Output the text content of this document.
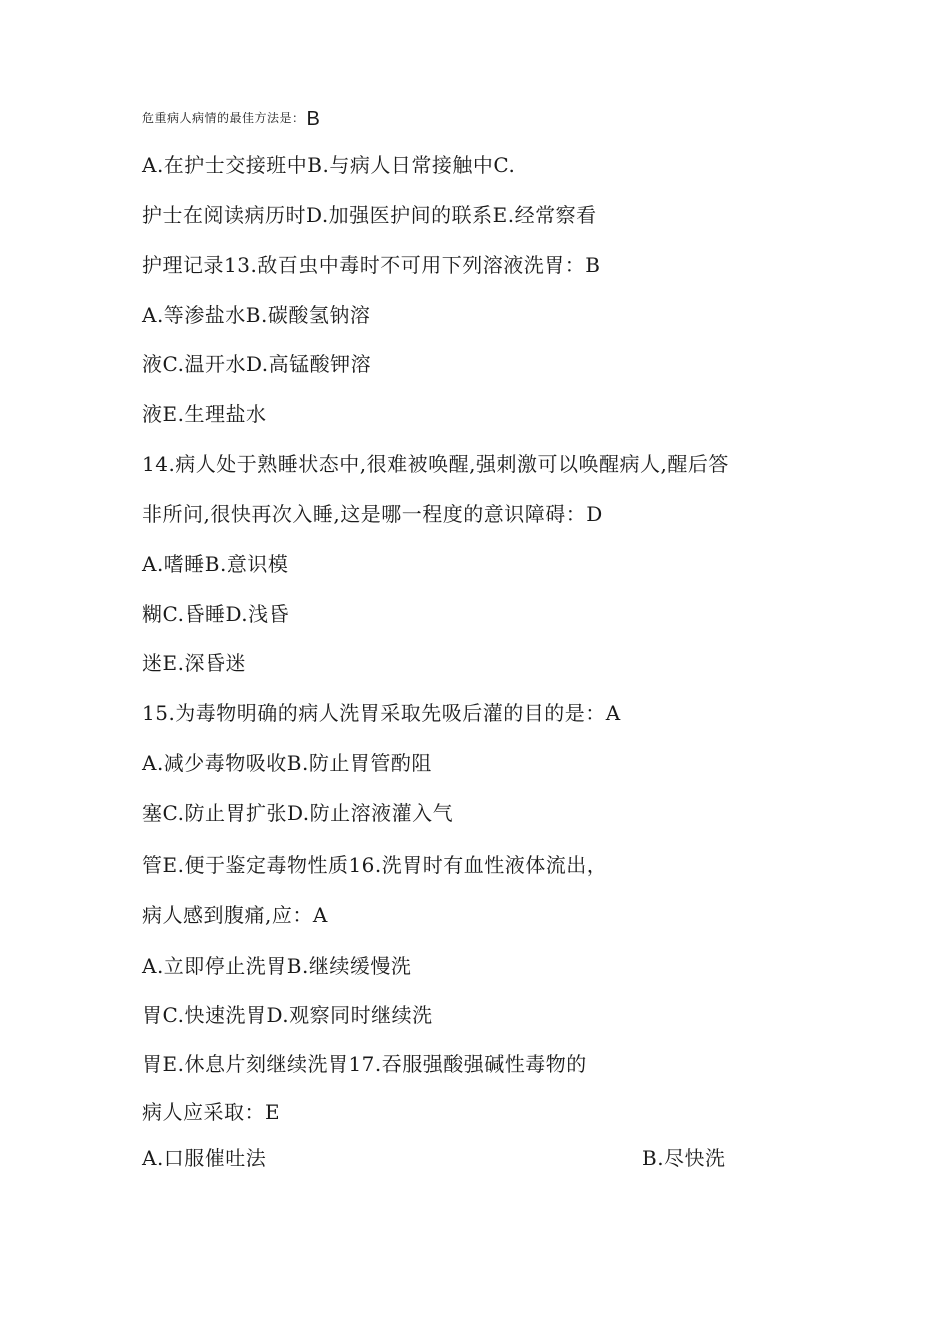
危重病人病情的最佳方法是： B
A.在护士交接班中B.与病人日常接触中C.
护士在阅读病历时D.加强医护间的联系E.经常察看
护理记录13.敌百虫中毒时不可用下列溶液洗胃：B
A.等渗盐水B.碳酸氢钠溶
液C.温开水D.高锰酸钾溶
液E.生理盐水
14.病人处于熟睡状态中,很难被唤醒,强刺激可以唤醒病人,醒后答
非所问,很快再次入睡,这是哪一程度的意识障碍：D
A.嗜睡B.意识模
糊C.昏睡D.浅昏
迷E.深昏迷
15.为毒物明确的病人洗胃采取先吸后灌的目的是：A
A.减少毒物吸收B.防止胃管酌阻
塞C.防止胃扩张D.防止溶液灌入气
管E.便于鉴定毒物性质16.洗胃时有血性液体流出，
病人感到腹痛,应：A
A.立即停止洗胃B.继续缓慢洗
胃C.快速洗胃D.观察同时继续洗
胃E.休息片刻继续洗胃17.吞服强酸强碱性毒物的
病人应采取：E
A.口服催吐法	B.尽快洗
